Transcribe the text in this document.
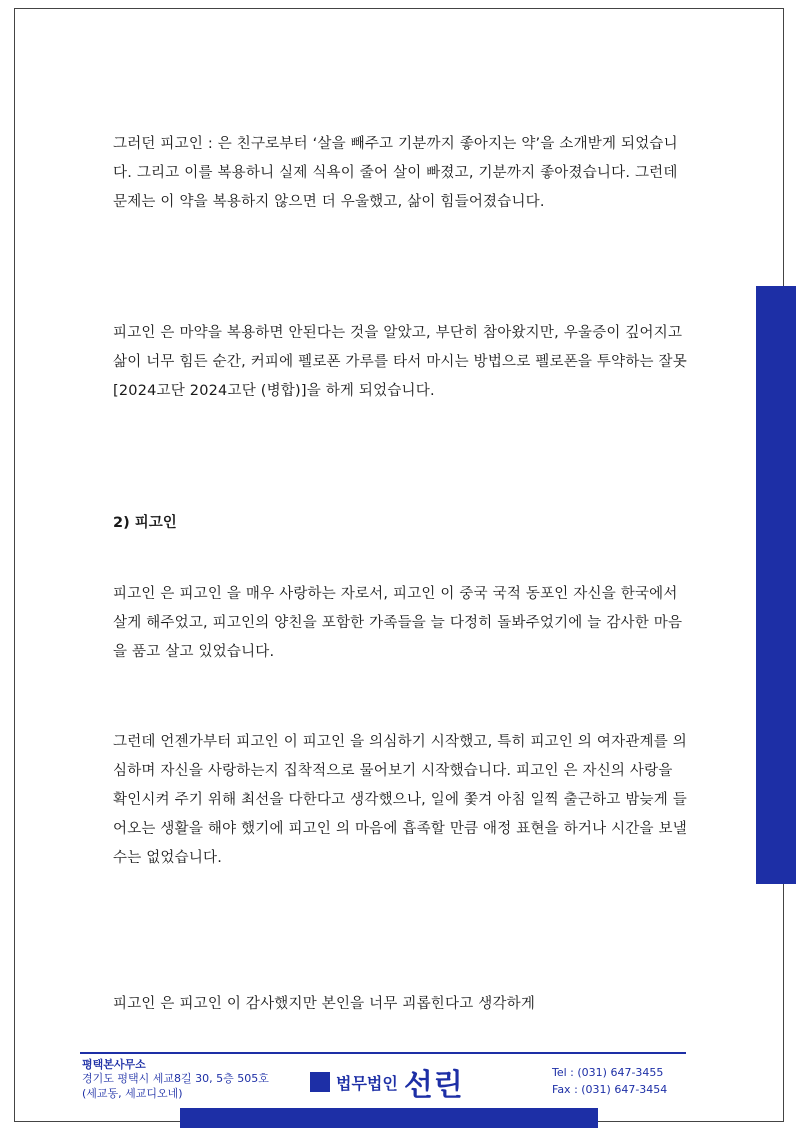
그러던 피고인 : 은 친구로부터 ‘살을 빼주고 기분까지 좋아지는 약’을 소개받게 되었습니다. 그리고 이를 복용하니 실제 식욕이 줄어 살이 빠졌고, 기분까지 좋아졌습니다. 그런데 문제는 이 약을 복용하지 않으면 더 우울했고, 삶이 힘들어졌습니다.

피고인 은 마약을 복용하면 안된다는 것을 알았고, 부단히 참아왔지만, 우울증이 깊어지고 삶이 너무 힘든 순간, 커피에 펠로폰 가루를 타서 마시는 방법으로 펠로폰을 투약하는 잘못[2024고단 2024고단 (병합)]을 하게 되었습니다.

2) 피고인

피고인 은 피고인 을 매우 사랑하는 자로서, 피고인 이 중국 국적 동포인 자신을 한국에서 살게 해주었고, 피고인의 양친을 포함한 가족들을 늘 다정히 돌봐주었기에 늘 감사한 마음을 품고 살고 있었습니다.

그런데 언젠가부터 피고인 이 피고인 을 의심하기 시작했고, 특히 피고인 의 여자관계를 의심하며 자신을 사랑하는지 집착적으로 물어보기 시작했습니다. 피고인 은 자신의 사랑을 확인시켜 주기 위해 최선을 다한다고 생각했으나, 일에 쫓겨 아침 일찍 출근하고 밤늦게 들어오는 생활을 해야 했기에 피고인 의 마음에 흡족할 만큼 애정 표현을 하거나 시간을 보낼 수는 없었습니다.

피고인 은 피고인 이 감사했지만 본인을 너무 괴롭힌다고 생각하게

평택본사무소
경기도 평택시 세교8길 30, 5층 505호
(세교동, 세교디오네)
법무법인 선린	Tel : (031) 647-3455
Fax : (031) 647-3454
